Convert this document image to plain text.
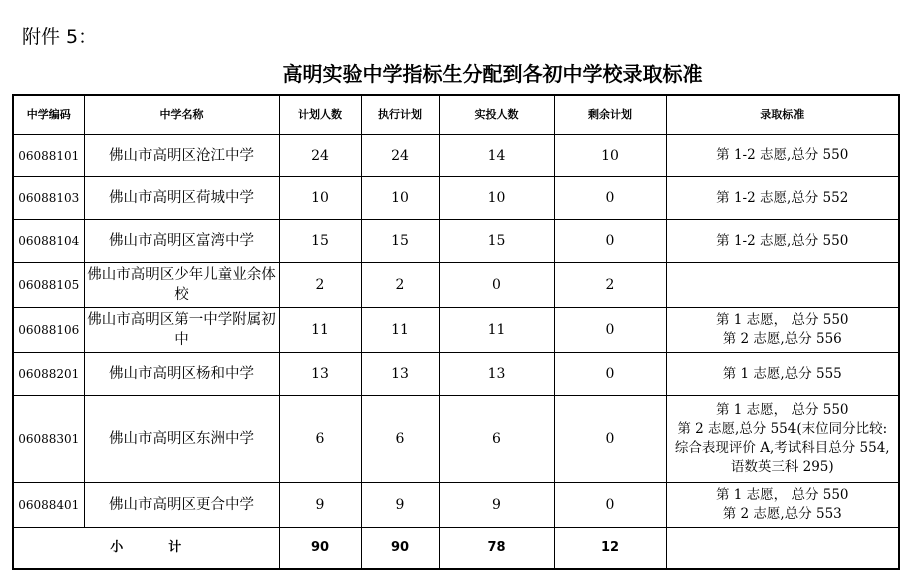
附件 5：
高明实验中学指标生分配到各初中学校录取标准
中学编码	中学名称	计划人数	执行计划	实投人数	剩余计划	录取标准
06088101	佛山市高明区沧江中学	24	24	14	10	第 1-2 志愿,总分 550

06088103	佛山市高明区荷城中学	10	10	10	0	第 1-2 志愿,总分 552

06088104	佛山市高明区富湾中学	15	15	15	0	第 1-2 志愿,总分 550

06088105	佛山市高明区少年儿童业余体校	2	2	0	2	
06088106	佛山市高明区第一中学附属初中	11	11	11	0	第 1 志愿， 总分 550
第 2 志愿,总分 556

06088201	佛山市高明区杨和中学	13	13	13	0	第 1 志愿,总分 555

06088301	佛山市高明区东洲中学	6	6	6	0	第 1 志愿， 总分 550
第 2 志愿,总分 554(末位同分比较:
综合表现评价 A,考试科目总分 554,
语数英三科 295)

06088401	佛山市高明区更合中学	9	9	9	0	第 1 志愿， 总分 550
第 2 志愿,总分 553

小 计		90	90	78	12	
